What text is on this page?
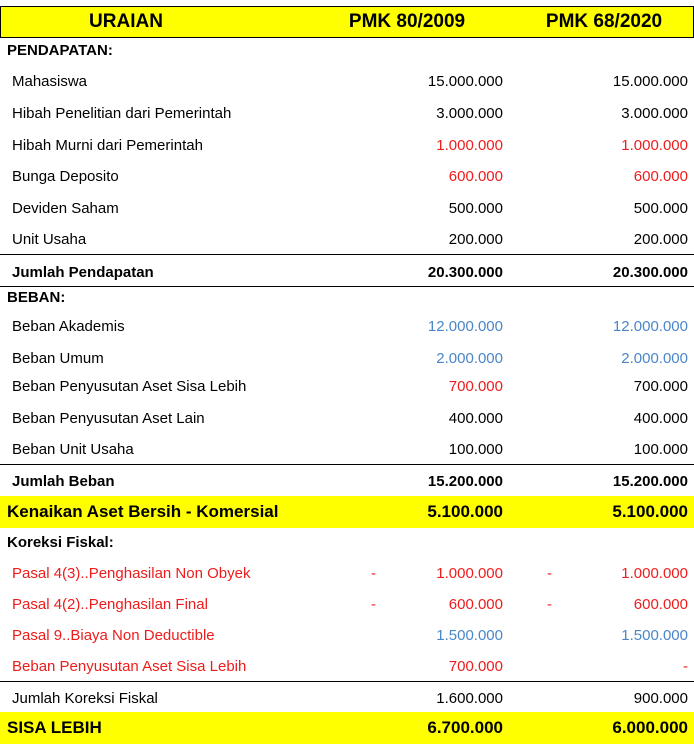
URAIAN	PMK 80/2009	PMK 68/2020
PENDAPATAN:
Mahasiswa	15.000.000	15.000.000
Hibah Penelitian dari Pemerintah	3.000.000	3.000.000
Hibah Murni dari Pemerintah	1.000.000	1.000.000
Bunga Deposito	600.000	600.000
Deviden Saham	500.000	500.000
Unit Usaha	200.000	200.000
Jumlah Pendapatan	20.300.000	20.300.000
BEBAN:
Beban Akademis	12.000.000	12.000.000
Beban Umum	2.000.000	2.000.000
Beban Penyusutan Aset Sisa Lebih	700.000	700.000
Beban Penyusutan Aset Lain	400.000	400.000
Beban Unit Usaha	100.000	100.000
Jumlah Beban	15.200.000	15.200.000
Kenaikan Aset Bersih - Komersial	5.100.000	5.100.000
Koreksi Fiskal:
Pasal 4(3)..Penghasilan Non Obyek	-	1.000.000	-	1.000.000
Pasal 4(2)..Penghasilan Final	-	600.000	-	600.000
Pasal 9..Biaya Non Deductible	1.500.000	1.500.000
Beban Penyusutan Aset Sisa Lebih	700.000	-
Jumlah Koreksi Fiskal	1.600.000	900.000
SISA LEBIH	6.700.000	6.000.000
